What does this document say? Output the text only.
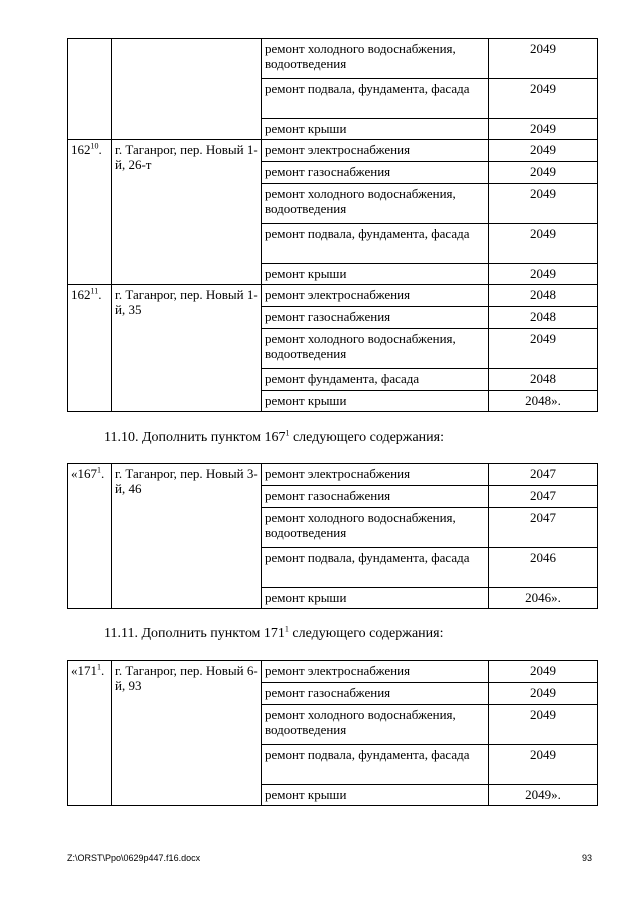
		ремонт холодного водоснабжения, водоотведения	2049
		ремонт подвала, фундамента, фасада	2049
		ремонт крыши	2049
$162^{10}$.	г. Таганрог, пер. Новый 1-й, 26-т	ремонт электроснабжения	2049
		ремонт газоснабжения	2049
		ремонт холодного водоснабжения, водоотведения	2049
		ремонт подвала, фундамента, фасада	2049
		ремонт крыши	2049
$162^{11}$.	г. Таганрог, пер. Новый 1-й, 35	ремонт электроснабжения	2048
		ремонт газоснабжения	2048
		ремонт холодного водоснабжения, водоотведения	2049
		ремонт фундамента, фасада	2048
		ремонт крыши	2048».
11.10. Дополнить пунктом $167^1$ следующего содержания:
«$167^1$.	г. Таганрог, пер. Новый 3-й, 46	ремонт электроснабжения	2047
		ремонт газоснабжения	2047
		ремонт холодного водоснабжения, водоотведения	2047
		ремонт подвала, фундамента, фасада	2046
		ремонт крыши	2046».
11.11. Дополнить пунктом $171^1$ следующего содержания:
«$171^1$.	г. Таганрог, пер. Новый 6-й, 93	ремонт электроснабжения	2049
		ремонт газоснабжения	2049
		ремонт холодного водоснабжения, водоотведения	2049
		ремонт подвала, фундамента, фасада	2049
		ремонт крыши	2049».
Z:\ORST\Ppo\0629p447.f16.docx	93
